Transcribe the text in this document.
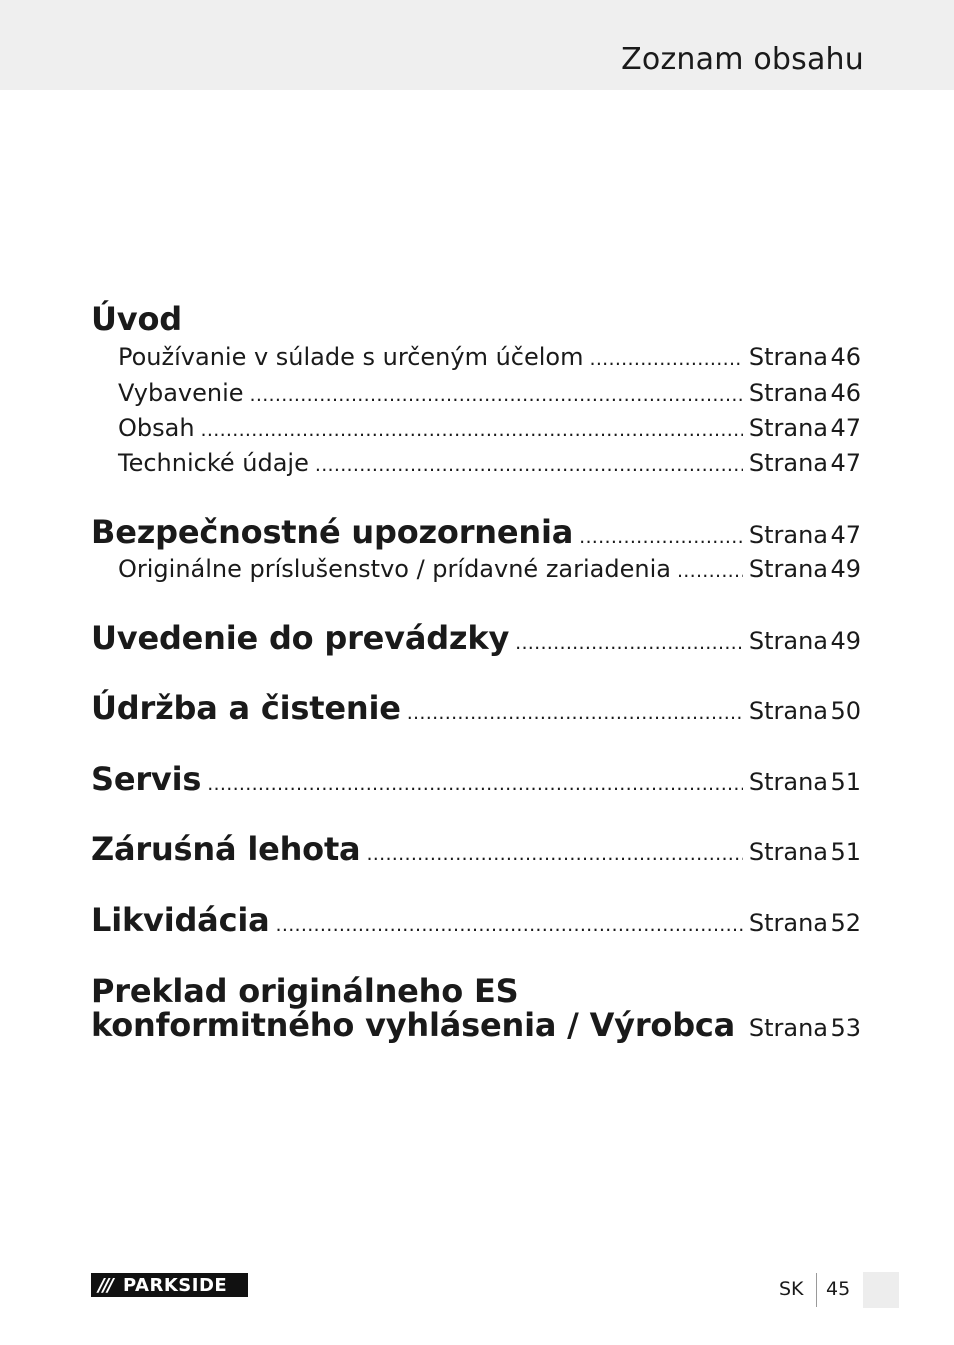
Zoznam obsahu
Úvod
Používanie v súlade s určeným účelom .....	Strana 46
Vybavenie .....	Strana 46
Obsah .....	Strana 47
Technické údaje .....	Strana 47
Bezpečnostné upozornenia .....	Strana 47
Originálne príslušenstvo / prídavné zariadenia .....	Strana 49
Uvedenie do prevádzky .....	Strana 49
Údržba a čistenie .....	Strana 50
Servis .....	Strana 51
Záruśná lehota .....	Strana 51
Likvidácia .....	Strana 52
Preklad originálneho ES
konformitného vyhlásenia / Výrobca ..... Strana 53
/// PARKSIDE	SK 45
